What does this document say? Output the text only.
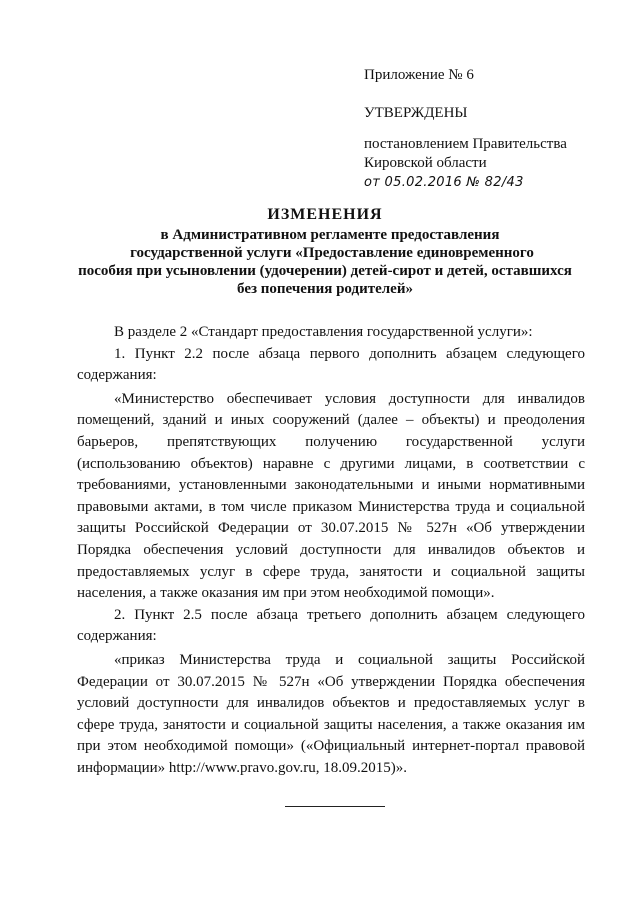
Приложение № 6
УТВЕРЖДЕНЫ
постановлением Правительства
Кировской области
от 05.02.2016 № 82/43
ИЗМЕНЕНИЯ
в Административном регламенте предоставления
государственной услуги «Предоставление единовременного
пособия при усыновлении (удочерении) детей-сирот и детей, оставшихся
без попечения родителей»

В разделе 2 «Стандарт предоставления государственной услуги»:

1. Пункт 2.2 после абзаца первого дополнить абзацем следующего содержания:

«Министерство обеспечивает условия доступности для инвалидов помещений, зданий и иных сооружений (далее – объекты) и преодоления барьеров, препятствующих получению государственной услуги (использованию объектов) наравне с другими лицами, в соответствии с требованиями, установленными законодательными и иными нормативными правовыми актами, в том числе приказом Министерства труда и социальной защиты Российской Федерации от 30.07.2015 № 527н «Об утверждении Порядка обеспечения условий доступности для инвалидов объектов и предоставляемых услуг в сфере труда, занятости и социальной защиты населения, а также оказания им при этом необходимой помощи».

2. Пункт 2.5 после абзаца третьего дополнить абзацем следующего содержания:

«приказ Министерства труда и социальной защиты Российской Федерации от 30.07.2015 № 527н «Об утверждении Порядка обеспечения условий доступности для инвалидов объектов и предоставляемых услуг в сфере труда, занятости и социальной защиты населения, а также оказания им при этом необходимой помощи» («Официальный интернет-портал правовой информации» http://www.pravo.gov.ru, 18.09.2015)».
